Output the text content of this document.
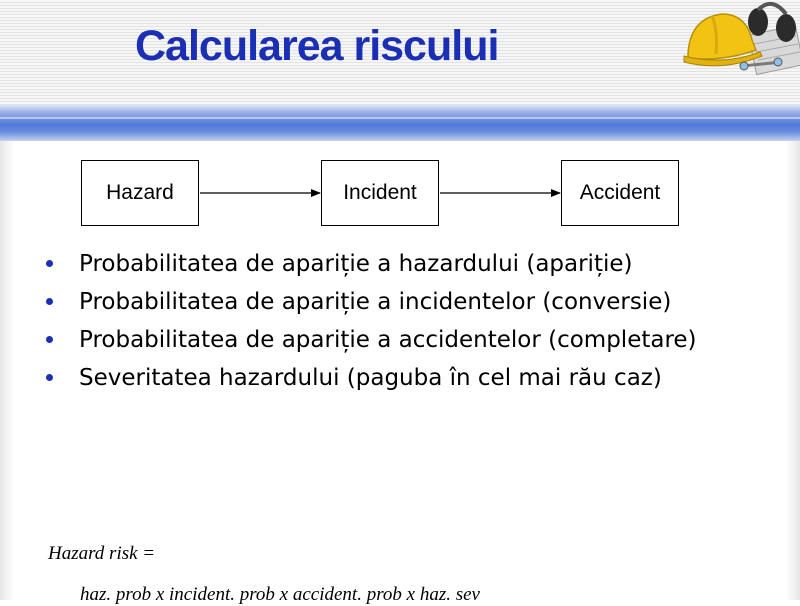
Calcularea riscului
Hazard	Incident	Accident
Probabilitatea de apariție a hazardului (apariție)
Probabilitatea de apariție a incidentelor (conversie)
Probabilitatea de apariție a accidentelor (completare)
Severitatea hazardului (paguba în cel mai rău caz)
Hazard risk =
haz. prob x incident. prob x accident. prob x haz. sev
